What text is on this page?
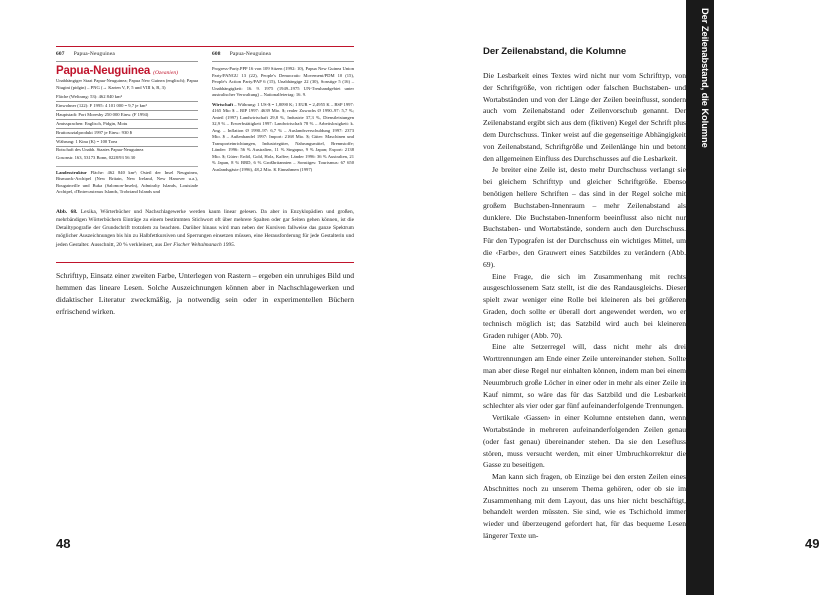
607 Papua-Neuguinea
Papua-Neuguinea (Ozeanien)

Unabhängiger Staat Papua-Neuguinea; Papua New Guinea (englisch); Papua Niugini (pidgin) – PNG (→ Karten V, F, 5 und VIII b, B, 3)

Fläche (Weltrang: 53): 462 840 km²
Einwohner (122): F 1995: 4 101 000 = 9,7 je km²
Hauptstadt: Port Moresby 250 000 Einw. (F 1994)
Amtssprachen: Englisch, Pidgin, Motu
Bruttosozialprodukt 1997 je Einw.: 930 $
Währung: 1 Kina (K) = 100 Toea
Botschaft des Unabh. Staates Papua-Neuguinea
Gosonstr. 163, 53173 Bonn, 0228/93 56 30

Landesstruktur Fläche: 462 840 km²; Osteil der Insel Neuguinea, Bismarck-Archipel (New Britain, New Ireland, New Hanover u.a.), Bougainville und Buka (Salomon-Inseln), Admiralty Islands, Louisiade Archipel, d'Entrecasteaux Islands, Trobriand Islands und

608 Papua-Neuguinea

Progress-Party.PPP 16 von 109 Sitzen (1992: 10), Papua New Guinea Union Party/PANGU 13 (22), People's Democratic Movement/PDM 10 (15), People's Action Party/PAP 6 (15), Unabhängige 22 (30), Sonstige 5 (16) – Unabhängigkeit: 16. 9. 1975 (1949–1975 UN-Treuhandgebiet unter australischer Verwaltung) – Nationalfeiertag: 16. 9.

Wirtschaft – Währung: 1 US-$ = 1,8090 K; 1 EUR = 2,4955 K – BSP 1997: 4165 Mio $ – BIP 1997: 4639 Mio. $; realer Zuwachs Ø 1990–97: 5,7 %; Anteil (1997) Landwirtschaft 29,8 %, Industrie 37,3 %, Dienstleistungen 32,9 % – Erwerbstätigkeit 1997: Landwirtschaft 78 % – Arbeitslosigkeit: k. Ang. – Inflation Ø 1990–97: 6,7 % – Auslandsverschuldung 1997: 2373 Mio. $ – Außenhandel 1997: Import: 2168 Mio. $; Güter: Maschinen und Transporteinrichtungen, Industriegüter, Nahrungsmittel, Brennstoffe; Länder: 1996: 56 % Australien, 11 % Singapur, 9 % Japan; Export: 2138 Mio. $; Güter: Erdöl, Gold, Holz, Kaffee; Länder 1996: 36 % Australien, 21 % Japan, 8 % BRD, 6 % Großbritannien – Sonstiges: Tourismus: 67 650 Auslandsgäste (1996), 48,2 Mio. K Einnahmen (1997)

Abb. 68. Lexika, Wörterbücher und Nachschlagewerke werden kaum linear gelesen. Da aber in Enzyklopädien und großen, mehrbändigen Wörterbüchern Einträge zu einem bestimmten Stichwort oft über mehrere Spalten oder gar Seiten gehen können, ist die Detailtypografie der Grundschrift trotzdem zu beachten. Darüber hinaus wird man neben der Kursiven fallweise das ganze Spektrum möglicher Auszeichnungen bis hin zu Halbfettkursiven und Sperrungen einsetzen müssen, eine Herausforderung für jede Gestalterin und jeden Gestalter. Ausschnitt, 20 % verkleinert, aus Der Fischer Weltalmanach 1995.

Schrifttyp, Einsatz einer zweiten Farbe, Unterlegen von Rastern – ergeben ein unruhiges Bild und hemmen das lineare Lesen. Solche Auszeichnungen können aber in Nachschlagewerken und didaktischer Literatur zweckmäßig, ja notwendig sein oder in experimentellen Büchern erfrischend wirken.

48
Der Zeilenabstand, die Kolumne

Die Lesbarkeit eines Textes wird nicht nur vom Schrifttyp, von der Schriftgröße, von richtigen oder falschen Buchstaben- und Wortabständen und von der Länge der Zeilen beeinflusst, sondern auch vom Zeilenabstand oder Zeilenvorschub genannt. Der Zeilenabstand ergibt sich aus dem (fiktiven) Kegel der Schrift plus dem Durchschuss. Tinker weist auf die gegenseitige Abhängigkeit von Zeilenabstand, Schriftgröße und Zeilenlänge hin und betont den allgemeinen Einfluss des Durchschusses auf die Lesbarkeit.

Je breiter eine Zeile ist, desto mehr Durchschuss verlangt sie bei gleichem Schrifttyp und gleicher Schriftgröße. Ebenso benötigen hellere Schriften – das sind in der Regel solche mit großem Buchstaben-Innenraum – mehr Zeilenabstand als dunklere. Die Buchstaben-Innenform beeinflusst also nicht nur Buchstaben- und Wortabstände, sondern auch den Durchschuss. Für den Typografen ist der Durchschuss ein wichtiges Mittel, um die ‹Farbe›, den Grauwert eines Satzbildes zu verändern (Abb. 69).

Eine Frage, die sich im Zusammenhang mit rechts ausgeschlossenem Satz stellt, ist die des Randausgleichs. Dieser spielt zwar weniger eine Rolle bei kleineren als bei größeren Graden, doch sollte er überall dort angewendet werden, wo er technisch möglich ist; das Satzbild wird auch bei kleineren Graden ruhiger (Abb. 70).

Eine alte Setzerregel will, dass nicht mehr als drei Worttrennungen am Ende einer Zeile untereinander stehen. Sollte man aber diese Regel nur einhalten können, indem man bei einem Neuumbruch große Löcher in einer oder in mehr als einer Zeile in Kauf nimmt, so wäre das für das Satzbild und die Lesbarkeit schlechter als vier oder gar fünf aufeinanderfolgende Trennungen.

Vertikale ‹Gassen› in einer Kolumne entstehen dann, wenn Wortabstände in mehreren aufeinanderfolgenden Zeilen genau (oder fast genau) übereinander stehen. Da sie den Lesefluss stören, muss versucht werden, mit einer Umbruchkorrektur die Gasse zu beseitigen.

Man kann sich fragen, ob Einzüge bei den ersten Zeilen eines Abschnittes noch zu unserem Thema gehören, oder ob sie im Zusammenhang mit dem Layout, das uns hier nicht beschäftigt, behandelt werden müssten. Sie sind, wie es Tschichold immer wieder und überzeugend gefordert hat, für das bequeme Lesen längerer Texte un-

49
Der Zeilenabstand, die Kolumne
